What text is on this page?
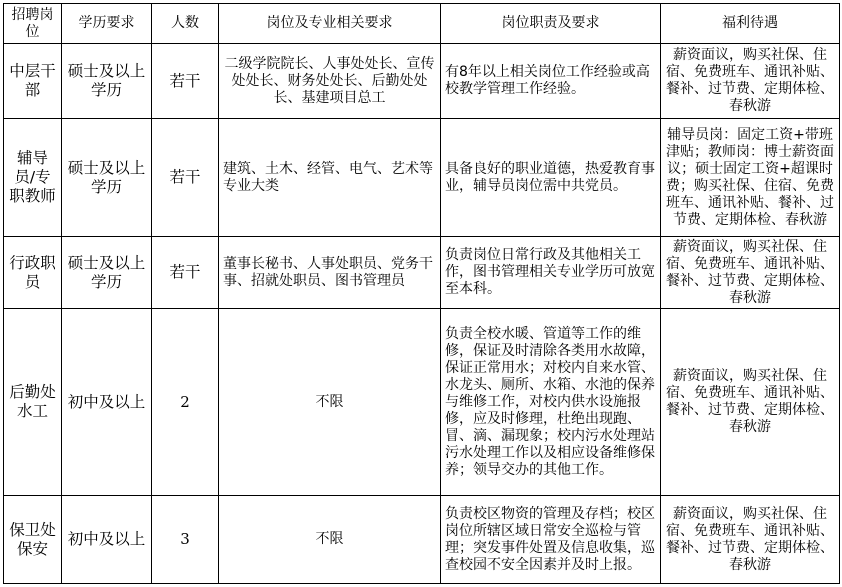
招聘岗位	学历要求	人数	岗位及专业相关要求	岗位职责及要求	福利待遇
中层干部	硕士及以上学历	若干	二级学院院长、人事处处长、宣传处处长、财务处处长、后勤处处长、基建项目总工	有8年以上相关岗位工作经验或高校教学管理工作经验。	薪资面议，购买社保、住宿、免费班车、通讯补贴、餐补、过节费、定期体检、春秋游
辅导员/专职教师	硕士及以上学历	若干	建筑、土木、经管、电气、艺术等专业大类	具备良好的职业道德，热爱教育事业，辅导员岗位需中共党员。	辅导员岗：固定工资+带班津贴；教师岗：博士薪资面议；硕士固定工资+超课时费；购买社保、住宿、免费班车、通讯补贴、餐补、过节费、定期体检、春秋游
行政职员	硕士及以上学历	若干	董事长秘书、人事处职员、党务干事、招就处职员、图书管理员	负责岗位日常行政及其他相关工作，图书管理相关专业学历可放宽至本科。	薪资面议，购买社保、住宿、免费班车、通讯补贴、餐补、过节费、定期体检、春秋游
后勤处水工	初中及以上	2	不限	负责全校水暖、管道等工作的维修，保证及时清除各类用水故障，保证正常用水；对校内自来水管、水龙头、厕所、水箱、水池的保养与维修工作，对校内供水设施报修，应及时修理，杜绝出现跑、冒、滴、漏现象；校内污水处理站污水处理工作以及相应设备维修保养；领导交办的其他工作。	薪资面议，购买社保、住宿、免费班车、通讯补贴、餐补、过节费、定期体检、春秋游
保卫处保安	初中及以上	3	不限	负责校区物资的管理及存档；校区岗位所辖区域日常安全巡检与管理；突发事件处置及信息收集，巡查校园不安全因素并及时上报。	薪资面议，购买社保、住宿、免费班车、通讯补贴、餐补、过节费、定期体检、春秋游
